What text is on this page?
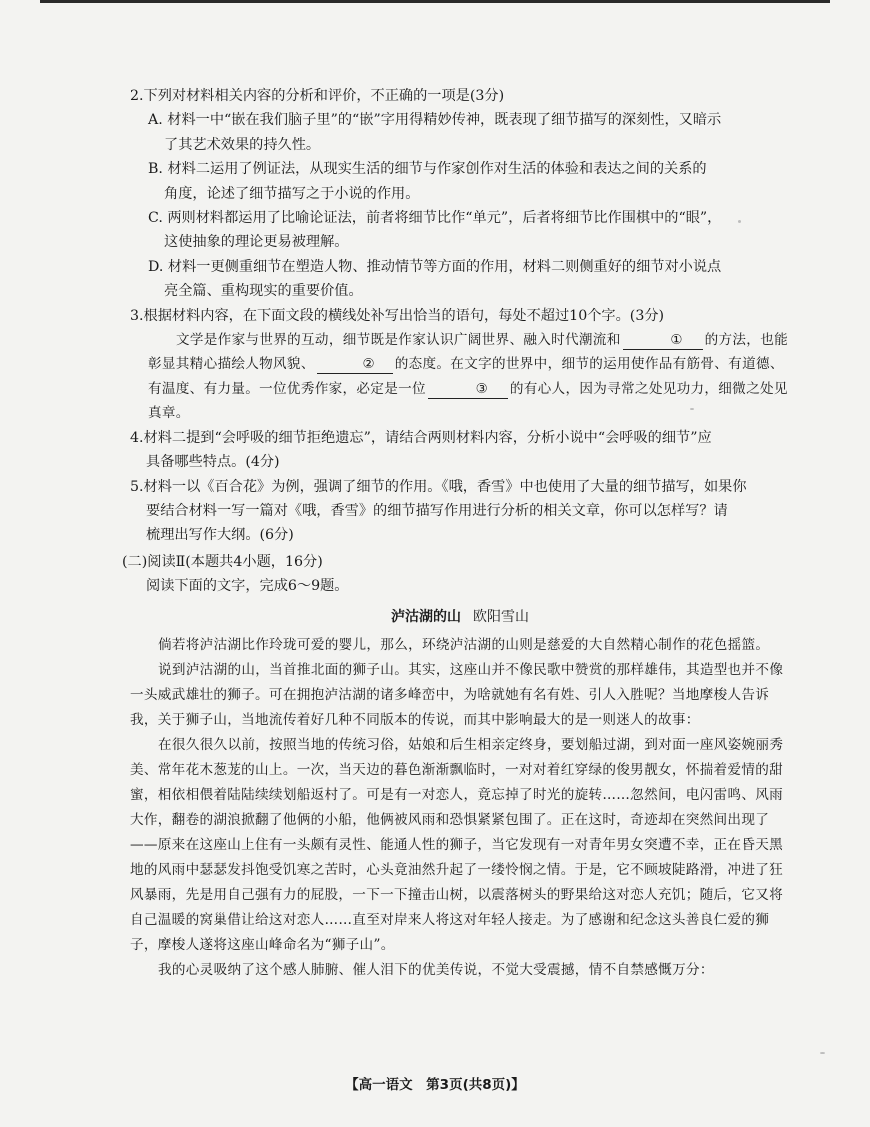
2.下列对材料相关内容的分析和评价，不正确的一项是(3分)

A. 材料一中“嵌在我们脑子里”的“嵌”字用得精妙传神，既表现了细节描写的深刻性，又暗示
了其艺术效果的持久性。

B. 材料二运用了例证法，从现实生活的细节与作家创作对生活的体验和表达之间的关系的
角度，论述了细节描写之于小说的作用。

C. 两则材料都运用了比喻论证法，前者将细节比作“单元”，后者将细节比作围棋中的“眼”，
这使抽象的理论更易被理解。

D. 材料一更侧重细节在塑造人物、推动情节等方面的作用，材料二则侧重好的细节对小说点
亮全篇、重构现实的重要价值。

3.根据材料内容，在下面文段的横线处补写出恰当的语句，每处不超过10个字。(3分)

文学是作家与世界的互动，细节既是作家认识广阔世界、融入时代潮流和	① 的方法，也能彰显其精心描绘人物风貌、	② 的态度。在文字的世界中，细节的运用使作品有筋骨、有道德、有温度、有力量。一位优秀作家，必定是一位	③ 的有心人，因为寻常之处见功力，细微之处见真章。

4.材料二提到“会呼吸的细节拒绝遗忘”，请结合两则材料内容，分析小说中“会呼吸的细节”应

具备哪些特点。(4分)

5.材料一以《百合花》为例，强调了细节的作用。《哦，香雪》中也使用了大量的细节描写，如果你

要结合材料一写一篇对《哦，香雪》的细节描写作用进行分析的相关文章，你可以怎样写？请

梳理出写作大纲。(6分)

(二)阅读Ⅱ(本题共4小题，16分)

阅读下面的文字，完成6～9题。

泸沽湖的山 欧阳雪山

倘若将泸沽湖比作玲珑可爱的婴儿，那么，环绕泸沽湖的山则是慈爱的大自然精心制作的花色摇篮。

说到泸沽湖的山，当首推北面的狮子山。其实，这座山并不像民歌中赞赏的那样雄伟，其造型也并不像一头威武雄壮的狮子。可在拥抱泸沽湖的诸多峰峦中，为啥就她有名有姓、引人入胜呢？当地摩梭人告诉我，关于狮子山，当地流传着好几种不同版本的传说，而其中影响最大的是一则迷人的故事：

在很久很久以前，按照当地的传统习俗，姑娘和后生相亲定终身，要划船过湖，到对面一座风姿婉丽秀美、常年花木葱茏的山上。一次，当天边的暮色渐渐飘临时，一对对着红穿绿的俊男靓女，怀揣着爱情的甜蜜，相依相偎着陆陆续续划船返村了。可是有一对恋人，竟忘掉了时光的旋转……忽然间，电闪雷鸣、风雨大作，翻卷的湖浪掀翻了他俩的小船，他俩被风雨和恐惧紧紧包围了。正在这时，奇迹却在突然间出现了——原来在这座山上住有一头颇有灵性、能通人性的狮子，当它发现有一对青年男女突遭不幸，正在昏天黑地的风雨中瑟瑟发抖饱受饥寒之苦时，心头竟油然升起了一缕怜悯之情。于是，它不顾坡陡路滑，冲进了狂风暴雨，先是用自己强有力的屁股，一下一下撞击山树，以震落树头的野果给这对恋人充饥；随后，它又将自己温暖的窝巢借让给这对恋人……直至对岸来人将这对年轻人接走。为了感谢和纪念这头善良仁爱的狮子，摩梭人遂将这座山峰命名为“狮子山”。

我的心灵吸纳了这个感人肺腑、催人泪下的优美传说，不觉大受震撼，情不自禁感慨万分：

【高一语文　第3页(共8页)】
